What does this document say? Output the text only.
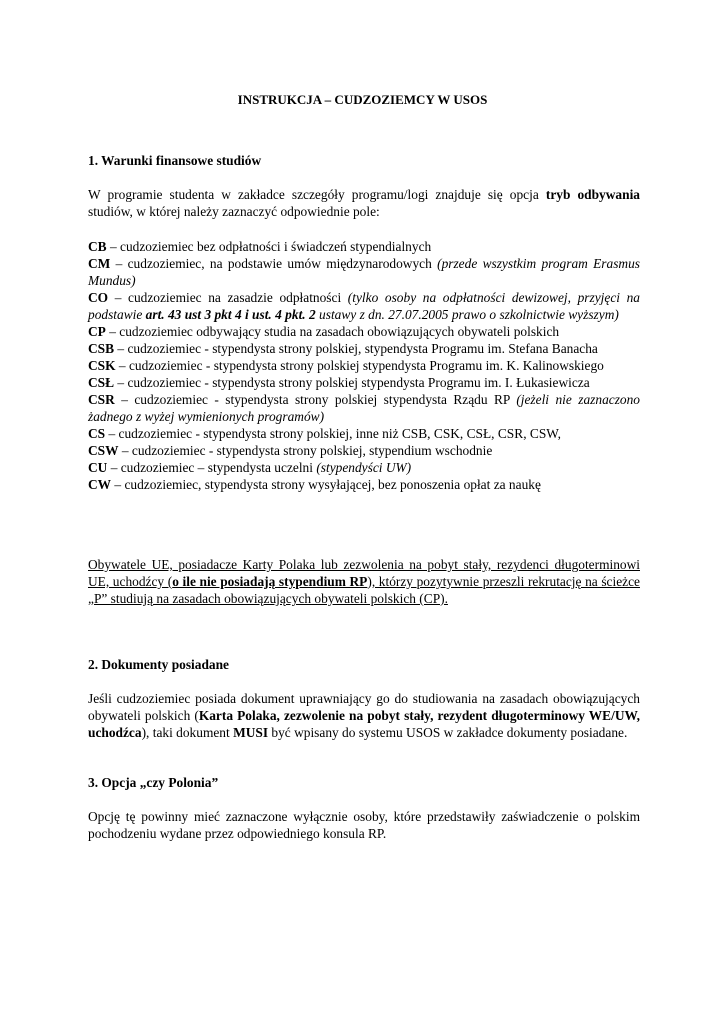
INSTRUKCJA – CUDZOZIEMCY W USOS
1. Warunki finansowe studiów

W programie studenta w zakładce szczegóły programu/logi znajduje się opcja tryb odbywania studiów, w której należy zaznaczyć odpowiednie pole:

CB – cudzoziemiec bez odpłatności i świadczeń stypendialnych

CM – cudzoziemiec, na podstawie umów międzynarodowych (przede wszystkim program Erasmus Mundus)

CO – cudzoziemiec na zasadzie odpłatności (tylko osoby na odpłatności dewizowej, przyjęci na podstawie art. 43 ust 3 pkt 4 i ust. 4 pkt. 2 ustawy z dn. 27.07.2005 prawo o szkolnictwie wyższym)

CP – cudzoziemiec odbywający studia na zasadach obowiązujących obywateli polskich

CSB – cudzoziemiec - stypendysta strony polskiej, stypendysta Programu im. Stefana Banacha

CSK – cudzoziemiec - stypendysta strony polskiej stypendysta Programu im. K. Kalinowskiego

CSŁ – cudzoziemiec - stypendysta strony polskiej stypendysta Programu im. I. Łukasiewicza

CSR – cudzoziemiec - stypendysta strony polskiej stypendysta Rządu RP (jeżeli nie zaznaczono żadnego z wyżej wymienionych programów)

CS – cudzoziemiec - stypendysta strony polskiej, inne niż CSB, CSK, CSŁ, CSR, CSW,

CSW – cudzoziemiec - stypendysta strony polskiej, stypendium wschodnie

CU – cudzoziemiec – stypendysta uczelni (stypendyści UW)

CW – cudzoziemiec, stypendysta strony wysyłającej, bez ponoszenia opłat za naukę

Obywatele UE, posiadacze Karty Polaka lub zezwolenia na pobyt stały, rezydenci długoterminowi UE, uchodźcy (o ile nie posiadają stypendium RP), którzy pozytywnie przeszli rekrutację na ścieżce „P” studiują na zasadach obowiązujących obywateli polskich (CP).

2. Dokumenty posiadane

Jeśli cudzoziemiec posiada dokument uprawniający go do studiowania na zasadach obowiązujących obywateli polskich (Karta Polaka, zezwolenie na pobyt stały, rezydent długoterminowy WE/UW, uchodźca), taki dokument MUSI być wpisany do systemu USOS w zakładce dokumenty posiadane.

3. Opcja „czy Polonia”

Opcję tę powinny mieć zaznaczone wyłącznie osoby, które przedstawiły zaświadczenie o polskim pochodzeniu wydane przez odpowiedniego konsula RP.
